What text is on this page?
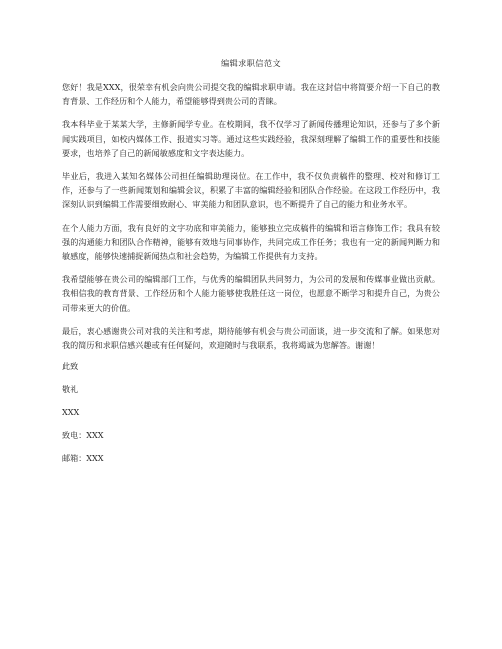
编辑求职信范文

您好！我是XXX，很荣幸有机会向贵公司提交我的编辑求职申请。我在这封信中将简要介绍一下自己的教育背景、工作经历和个人能力，希望能够得到贵公司的青睐。

我本科毕业于某某大学，主修新闻学专业。在校期间，我不仅学习了新闻传播理论知识，还参与了多个新闻实践项目，如校内媒体工作、报道实习等。通过这些实践经验，我深刻理解了编辑工作的重要性和技能要求，也培养了自己的新闻敏感度和文字表达能力。

毕业后，我进入某知名媒体公司担任编辑助理岗位。在工作中，我不仅负责稿件的整理、校对和修订工作，还参与了一些新闻策划和编辑会议，积累了丰富的编辑经验和团队合作经验。在这段工作经历中，我深刻认识到编辑工作需要细致耐心、审美能力和团队意识，也不断提升了自己的能力和业务水平。

在个人能力方面，我有良好的文字功底和审美能力，能够独立完成稿件的编辑和语言修饰工作；我具有较强的沟通能力和团队合作精神，能够有效地与同事协作，共同完成工作任务；我也有一定的新闻判断力和敏感度，能够快速捕捉新闻热点和社会趋势，为编辑工作提供有力支持。

我希望能够在贵公司的编辑部门工作，与优秀的编辑团队共同努力，为公司的发展和传媒事业做出贡献。我相信我的教育背景、工作经历和个人能力能够使我胜任这一岗位，也愿意不断学习和提升自己，为贵公司带来更大的价值。

最后，衷心感谢贵公司对我的关注和考虑，期待能够有机会与贵公司面谈，进一步交流和了解。如果您对我的简历和求职信感兴趣或有任何疑问，欢迎随时与我联系，我将竭诚为您解答。谢谢！

此致

敬礼

XXX

致电：XXX

邮箱：XXX
